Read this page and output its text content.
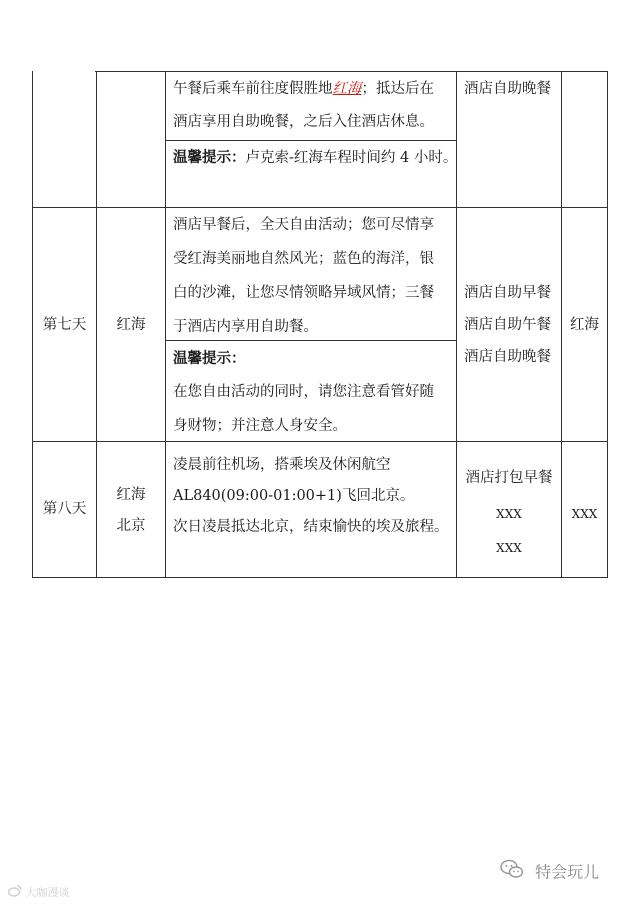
午餐后乘车前往度假胜地红海；抵达后在
酒店享用自助晚餐，之后入住酒店休息。
温馨提示：卢克索-红海车程时间约 4 小时。
酒店自助晚餐
第七天	红海
酒店早餐后，全天自由活动；您可尽情享
受红海美丽地自然风光；蓝色的海洋，银
白的沙滩，让您尽情领略异域风情；三餐
于酒店内享用自助餐。
温馨提示：
在您自由活动的同时，请您注意看管好随
身财物；并注意人身安全。
酒店自助早餐
酒店自助午餐
酒店自助晚餐
红海
第八天
红海
北京
凌晨前往机场，搭乘埃及休闲航空
AL840(09:00-01:00+1)飞回北京。
次日凌晨抵达北京，结束愉快的埃及旅程。
酒店打包早餐
XXX
XXX
XXX
大咖漫谈
特会玩儿
